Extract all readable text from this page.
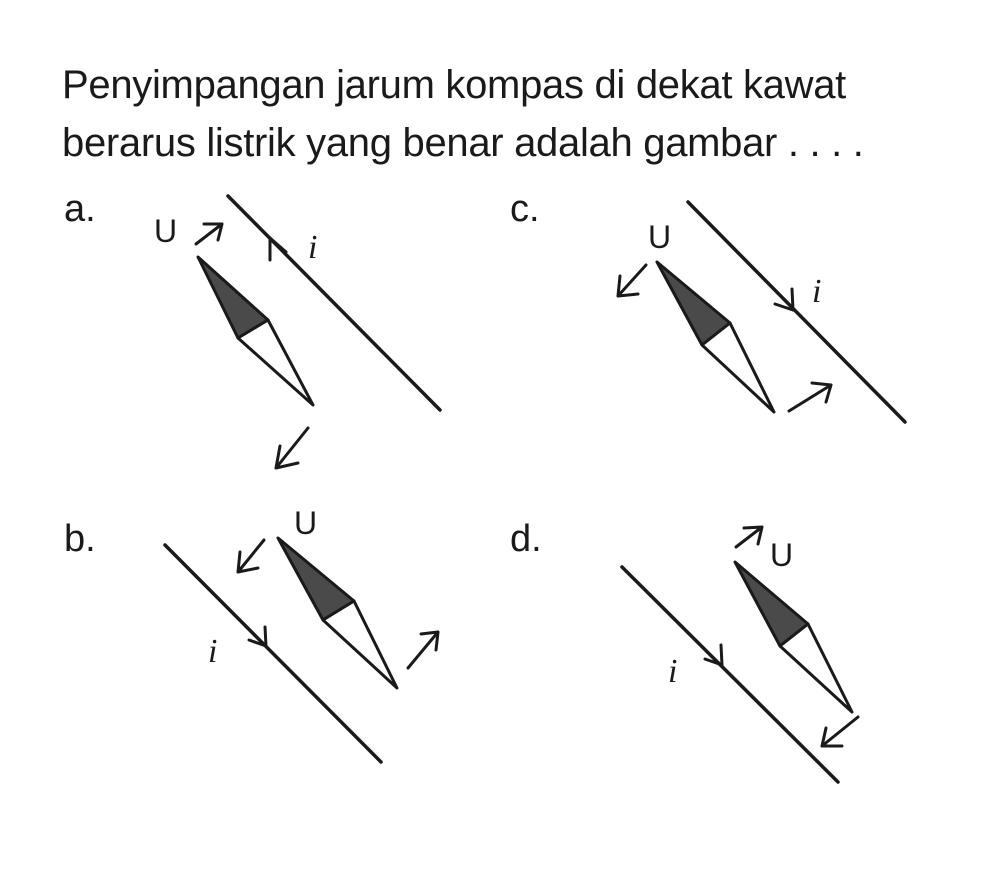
Penyimpangan jarum kompas di dekat kawat
berarus listrik yang benar adalah gambar . . . .
a.	c.
b.	d.
i
U
i
U
i
U
i
U
